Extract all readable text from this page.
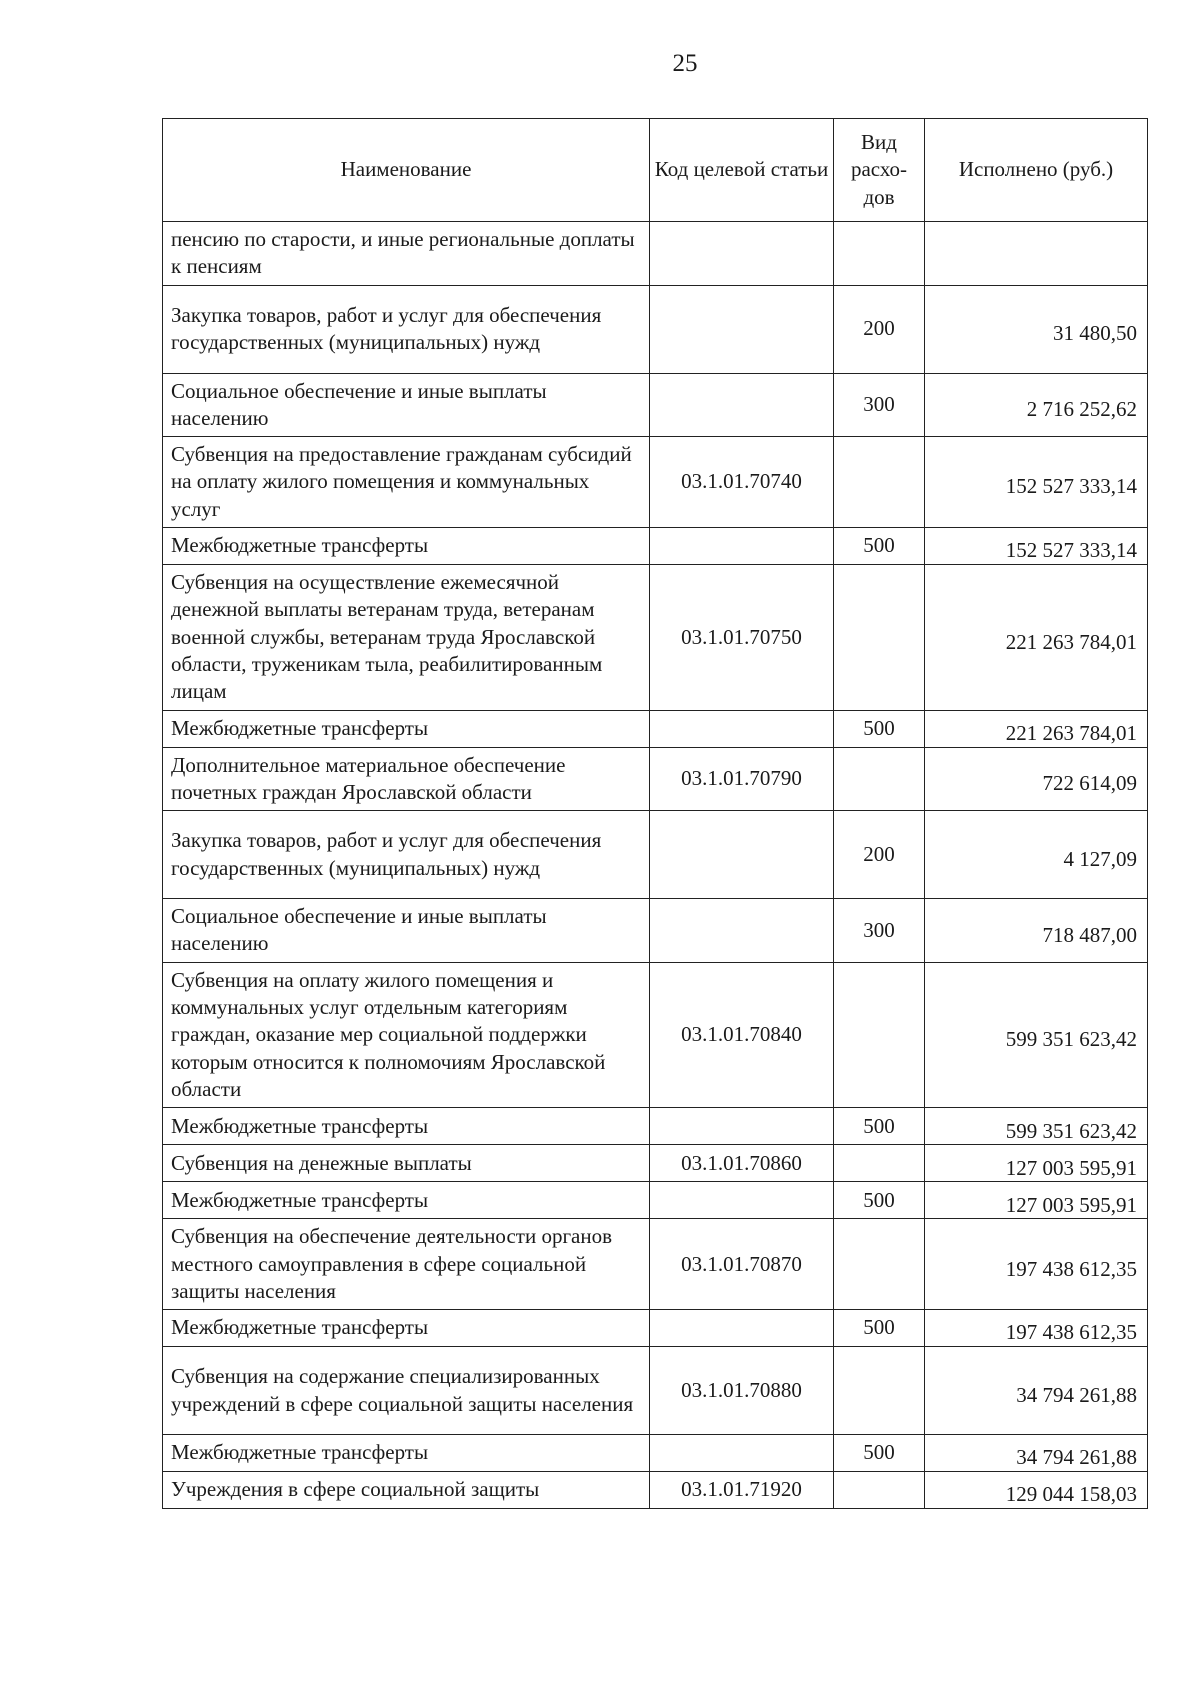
25
Наименование	Код целевой статьи	Вид расхо-дов	Исполнено (руб.)
пенсию по старости, и иные региональные доплаты к пенсиям			
Закупка товаров, работ и услуг для обеспечения государственных (муниципальных) нужд		200	31 480,50
Социальное обеспечение и иные выплаты населению		300	2 716 252,62
Субвенция на предоставление гражданам субсидий на оплату жилого помещения и коммунальных услуг	03.1.01.70740		152 527 333,14
Межбюджетные трансферты		500	152 527 333,14
Субвенция на осуществление ежемесячной денежной выплаты ветеранам труда, ветеранам военной службы, ветеранам труда Ярославской области, труженикам тыла, реабилитированным лицам	03.1.01.70750		221 263 784,01
Межбюджетные трансферты		500	221 263 784,01
Дополнительное материальное обеспечение почетных граждан Ярославской области	03.1.01.70790		722 614,09
Закупка товаров, работ и услуг для обеспечения государственных (муниципальных) нужд		200	4 127,09
Социальное обеспечение и иные выплаты населению		300	718 487,00
Субвенция на оплату жилого помещения и коммунальных услуг отдельным категориям граждан, оказание мер социальной поддержки которым относится к полномочиям Ярославской области	03.1.01.70840		599 351 623,42
Межбюджетные трансферты		500	599 351 623,42
Субвенция на денежные выплаты	03.1.01.70860		127 003 595,91
Межбюджетные трансферты		500	127 003 595,91
Субвенция на обеспечение деятельности органов местного самоуправления в сфере социальной защиты населения	03.1.01.70870		197 438 612,35
Межбюджетные трансферты		500	197 438 612,35
Субвенция на содержание специализированных учреждений в сфере социальной защиты населения	03.1.01.70880		34 794 261,88
Межбюджетные трансферты		500	34 794 261,88
Учреждения в сфере социальной защиты	03.1.01.71920		129 044 158,03
